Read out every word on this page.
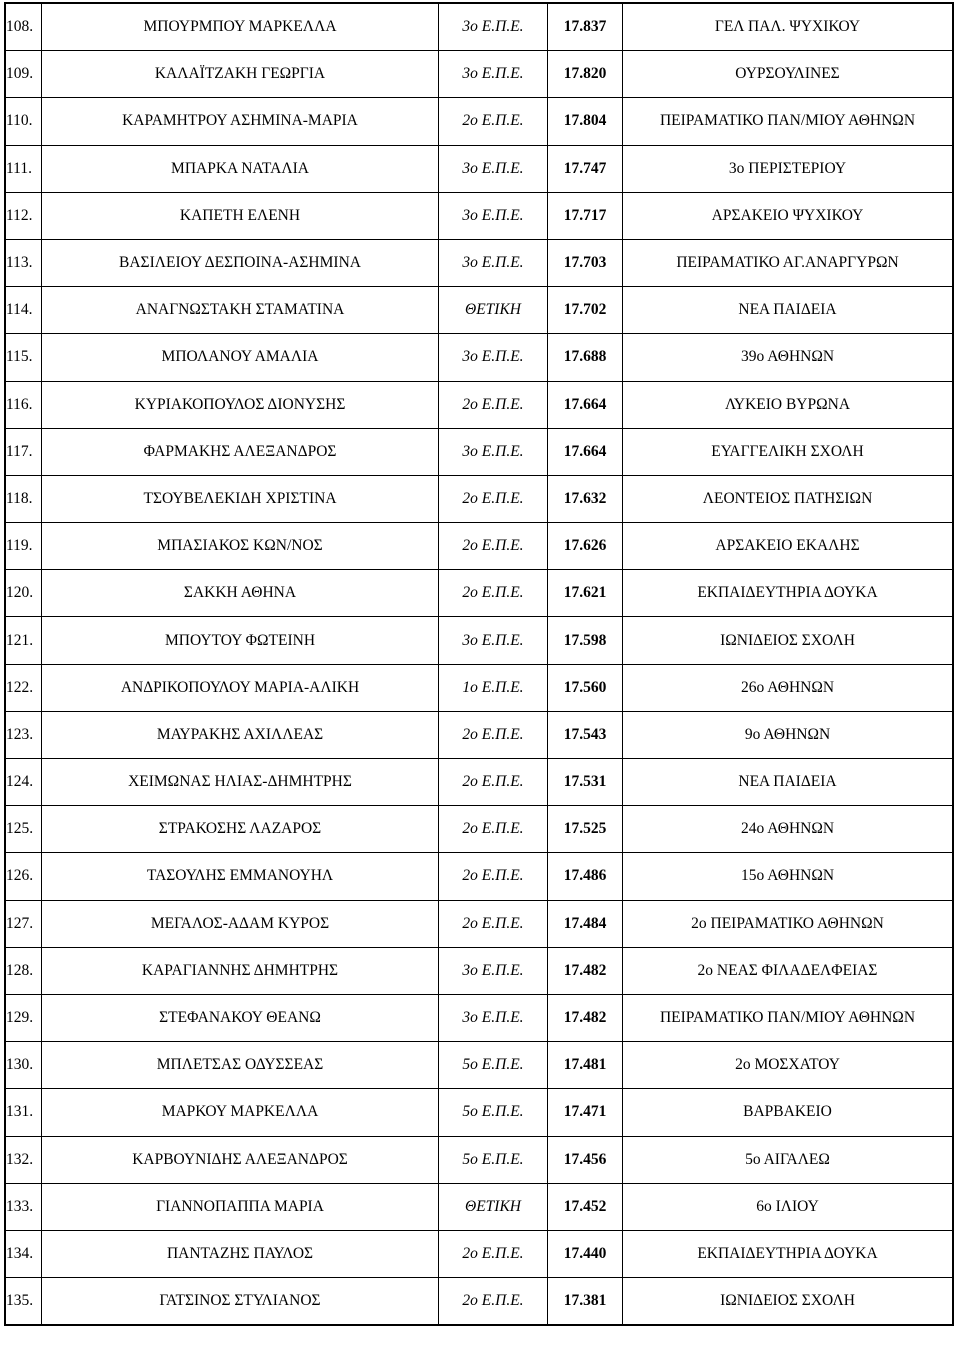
108.	ΜΠΟΥΡΜΠΟΥ ΜΑΡΚΕΛΛΑ	3ο Ε.Π.Ε.	17.837	ΓΕΛ ΠΑΛ. ΨΥΧΙΚΟΥ
109.	ΚΑΛΑΪΤΖΑΚΗ ΓΕΩΡΓΙΑ	3ο Ε.Π.Ε.	17.820	ΟΥΡΣΟΥΛΙΝΕΣ
110.	ΚΑΡΑΜΗΤΡΟΥ ΑΣΗΜΙΝΑ-ΜΑΡΙΑ	2ο Ε.Π.Ε.	17.804	ΠΕΙΡΑΜΑΤΙΚΟ ΠΑΝ/ΜΙΟΥ ΑΘΗΝΩΝ
111.	ΜΠΑΡΚΑ ΝΑΤΑΛΙΑ	3ο Ε.Π.Ε.	17.747	3ο ΠΕΡΙΣΤΕΡΙΟΥ
112.	ΚΑΠΕΤΗ ΕΛΕΝΗ	3ο Ε.Π.Ε.	17.717	ΑΡΣΑΚΕΙΟ ΨΥΧΙΚΟΥ
113.	ΒΑΣΙΛΕΙΟΥ ΔΕΣΠΟΙΝΑ-ΑΣΗΜΙΝΑ	3ο Ε.Π.Ε.	17.703	ΠΕΙΡΑΜΑΤΙΚΟ ΑΓ.ΑΝΑΡΓΥΡΩΝ
114.	ΑΝΑΓΝΩΣΤΑΚΗ ΣΤΑΜΑΤΙΝΑ	ΘΕΤΙΚΗ	17.702	ΝΕΑ ΠΑΙΔΕΙΑ
115.	ΜΠΟΛΑΝΟΥ ΑΜΑΛΙΑ	3ο Ε.Π.Ε.	17.688	39ο ΑΘΗΝΩΝ
116.	ΚΥΡΙΑΚΟΠΟΥΛΟΣ ΔΙΟΝΥΣΗΣ	2ο Ε.Π.Ε.	17.664	ΛΥΚΕΙΟ ΒΥΡΩΝΑ
117.	ΦΑΡΜΑΚΗΣ ΑΛΕΞΑΝΔΡΟΣ	3ο Ε.Π.Ε.	17.664	ΕΥΑΓΓΕΛΙΚΗ ΣΧΟΛΗ
118.	ΤΣΟΥΒΕΛΕΚΙΔΗ ΧΡΙΣΤΙΝΑ	2ο Ε.Π.Ε.	17.632	ΛΕΟΝΤΕΙΟΣ ΠΑΤΗΣΙΩΝ
119.	ΜΠΑΣΙΑΚΟΣ ΚΩΝ/ΝΟΣ	2ο Ε.Π.Ε.	17.626	ΑΡΣΑΚΕΙΟ ΕΚΑΛΗΣ
120.	ΣΑΚΚΗ ΑΘΗΝΑ	2ο Ε.Π.Ε.	17.621	ΕΚΠΑΙΔΕΥΤΗΡΙΑ ΔΟΥΚΑ
121.	ΜΠΟΥΤΟΥ ΦΩΤΕΙΝΗ	3ο Ε.Π.Ε.	17.598	ΙΩΝΙΔΕΙΟΣ ΣΧΟΛΗ
122.	ΑΝΔΡΙΚΟΠΟΥΛΟΥ ΜΑΡΙΑ-ΑΛΙΚΗ	1ο Ε.Π.Ε.	17.560	26ο ΑΘΗΝΩΝ
123.	ΜΑΥΡΑΚΗΣ ΑΧΙΛΛΕΑΣ	2ο Ε.Π.Ε.	17.543	9ο ΑΘΗΝΩΝ
124.	ΧΕΙΜΩΝΑΣ ΗΛΙΑΣ-ΔΗΜΗΤΡΗΣ	2ο Ε.Π.Ε.	17.531	ΝΕΑ ΠΑΙΔΕΙΑ
125.	ΣΤΡΑΚΟΣΗΣ ΛΑΖΑΡΟΣ	2ο Ε.Π.Ε.	17.525	24ο ΑΘΗΝΩΝ
126.	ΤΑΣΟΥΛΗΣ ΕΜΜΑΝΟΥΗΛ	2ο Ε.Π.Ε.	17.486	15ο ΑΘΗΝΩΝ
127.	ΜΕΓΑΛΟΣ-ΑΔΑΜ ΚΥΡΟΣ	2ο Ε.Π.Ε.	17.484	2ο ΠΕΙΡΑΜΑΤΙΚΟ ΑΘΗΝΩΝ
128.	ΚΑΡΑΓΙΑΝΝΗΣ ΔΗΜΗΤΡΗΣ	3ο Ε.Π.Ε.	17.482	2ο ΝΕΑΣ ΦΙΛΑΔΕΛΦΕΙΑΣ
129.	ΣΤΕΦΑΝΑΚΟΥ ΘΕΑΝΩ	3ο Ε.Π.Ε.	17.482	ΠΕΙΡΑΜΑΤΙΚΟ ΠΑΝ/ΜΙΟΥ ΑΘΗΝΩΝ
130.	ΜΠΛΕΤΣΑΣ ΟΔΥΣΣΕΑΣ	5ο Ε.Π.Ε.	17.481	2ο ΜΟΣΧΑΤΟΥ
131.	ΜΑΡΚΟΥ ΜΑΡΚΕΛΛΑ	5ο Ε.Π.Ε.	17.471	ΒΑΡΒΑΚΕΙΟ
132.	ΚΑΡΒΟΥΝΙΔΗΣ ΑΛΕΞΑΝΔΡΟΣ	5ο Ε.Π.Ε.	17.456	5ο ΑΙΓΑΛΕΩ
133.	ΓΙΑΝΝΟΠΑΠΠΑ ΜΑΡΙΑ	ΘΕΤΙΚΗ	17.452	6ο ΙΛΙΟΥ
134.	ΠΑΝΤΑΖΗΣ ΠΑΥΛΟΣ	2ο Ε.Π.Ε.	17.440	ΕΚΠΑΙΔΕΥΤΗΡΙΑ ΔΟΥΚΑ
135.	ΓΑΤΣΙΝΟΣ ΣΤΥΛΙΑΝΟΣ	2ο Ε.Π.Ε.	17.381	ΙΩΝΙΔΕΙΟΣ ΣΧΟΛΗ
